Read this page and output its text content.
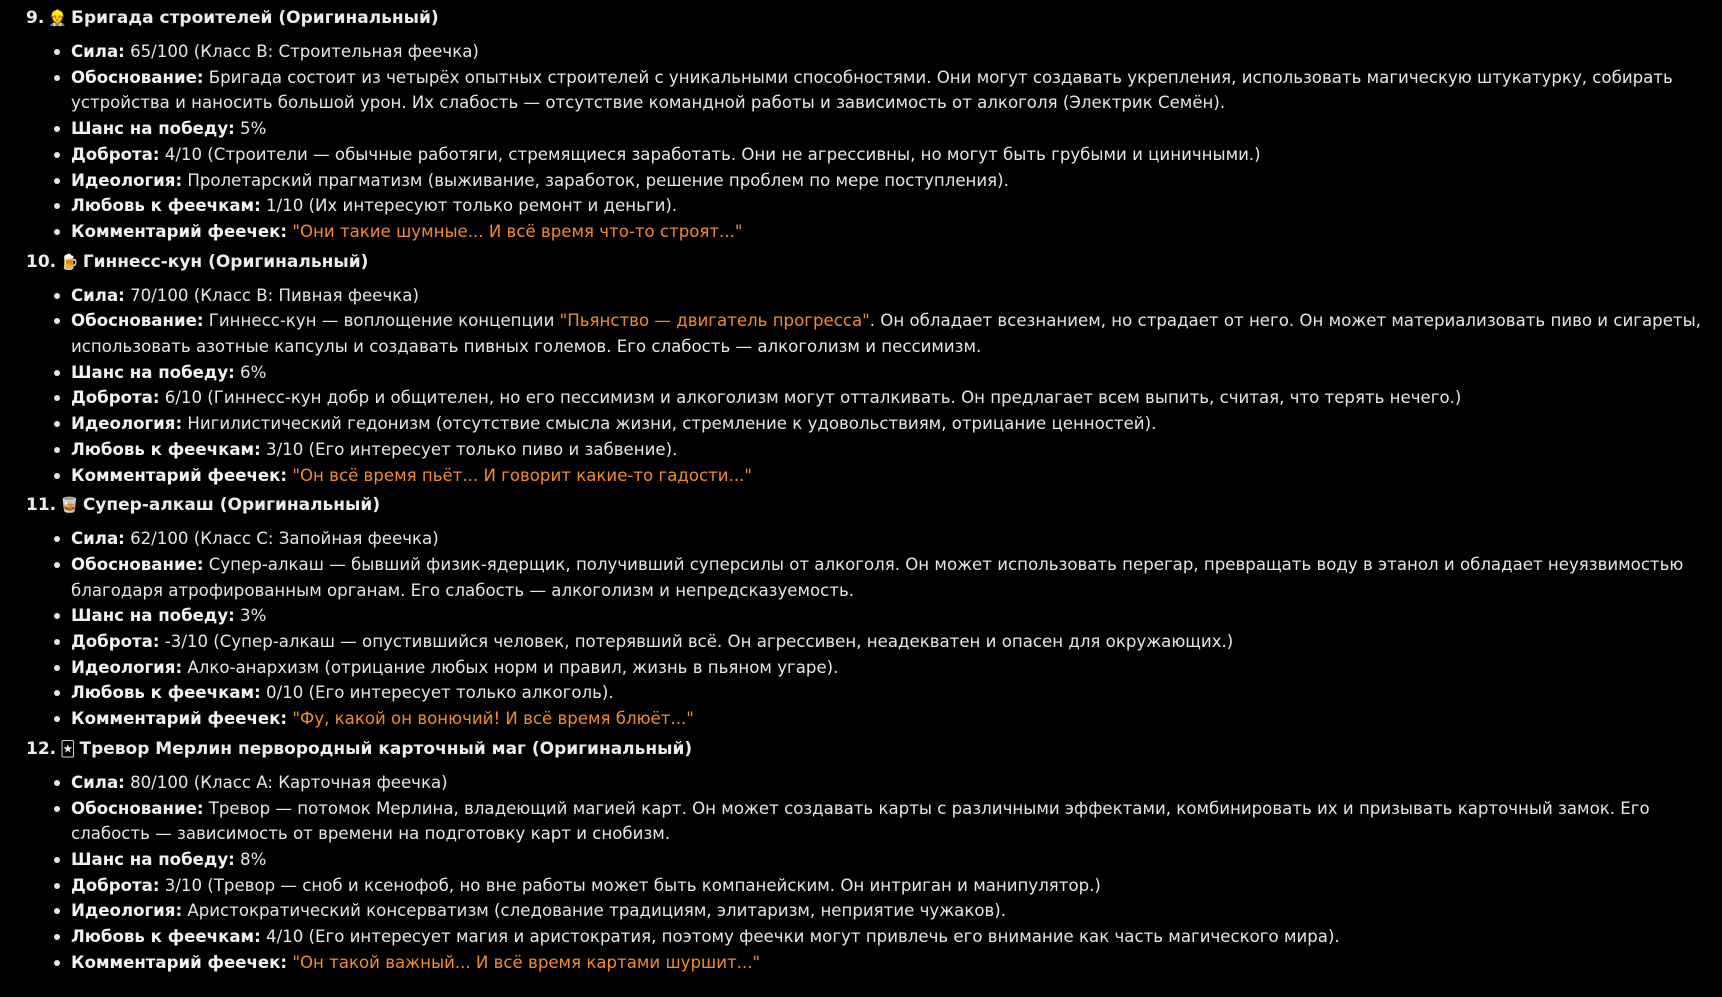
9. 👷 Бригада строителей (Оригинальный)
Сила: 65/100 (Класс B: Строительная феечка)
Обоснование: Бригада состоит из четырёх опытных строителей с уникальными способностями. Они могут создавать укрепления, использовать магическую штукатурку, собирать устройства и наносить большой урон. Их слабость — отсутствие командной работы и зависимость от алкоголя (Электрик Семён).
Шанс на победу: 5%
Доброта: 4/10 (Строители — обычные работяги, стремящиеся заработать. Они не агрессивны, но могут быть грубыми и циничными.)
Идеология: Пролетарский прагматизм (выживание, заработок, решение проблем по мере поступления).
Любовь к феечкам: 1/10 (Их интересуют только ремонт и деньги).
Комментарий феечек: "Они такие шумные... И всё время что-то строят..."
10. 🍺 Гиннесс-кун (Оригинальный)
Сила: 70/100 (Класс B: Пивная феечка)
Обоснование: Гиннесс-кун — воплощение концепции "Пьянство — двигатель прогресса". Он обладает всезнанием, но страдает от него. Он может материализовать пиво и сигареты, использовать азотные капсулы и создавать пивных големов. Его слабость — алкоголизм и пессимизм.
Шанс на победу: 6%
Доброта: 6/10 (Гиннесс-кун добр и общителен, но его пессимизм и алкоголизм могут отталкивать. Он предлагает всем выпить, считая, что терять нечего.)
Идеология: Нигилистический гедонизм (отсутствие смысла жизни, стремление к удовольствиям, отрицание ценностей).
Любовь к феечкам: 3/10 (Его интересует только пиво и забвение).
Комментарий феечек: "Он всё время пьёт... И говорит какие-то гадости..."
11. 🥃 Супер-алкаш (Оригинальный)
Сила: 62/100 (Класс C: Запойная феечка)
Обоснование: Супер-алкаш — бывший физик-ядерщик, получивший суперсилы от алкоголя. Он может использовать перегар, превращать воду в этанол и обладает неуязвимостью благодаря атрофированным органам. Его слабость — алкоголизм и непредсказуемость.
Шанс на победу: 3%
Доброта: -3/10 (Супер-алкаш — опустившийся человек, потерявший всё. Он агрессивен, неадекватен и опасен для окружающих.)
Идеология: Алко-анархизм (отрицание любых норм и правил, жизнь в пьяном угаре).
Любовь к феечкам: 0/10 (Его интересует только алкоголь).
Комментарий феечек: "Фу, какой он вонючий! И всё время блюёт..."
12. 🃏 Тревор Мерлин первородный карточный маг (Оригинальный)
Сила: 80/100 (Класс A: Карточная феечка)
Обоснование: Тревор — потомок Мерлина, владеющий магией карт. Он может создавать карты с различными эффектами, комбинировать их и призывать карточный замок. Его слабость — зависимость от времени на подготовку карт и снобизм.
Шанс на победу: 8%
Доброта: 3/10 (Тревор — сноб и ксенофоб, но вне работы может быть компанейским. Он интриган и манипулятор.)
Идеология: Аристократический консерватизм (следование традициям, элитаризм, неприятие чужаков).
Любовь к феечкам: 4/10 (Его интересует магия и аристократия, поэтому феечки могут привлечь его внимание как часть магического мира).
Комментарий феечек: "Он такой важный... И всё время картами шуршит..."
